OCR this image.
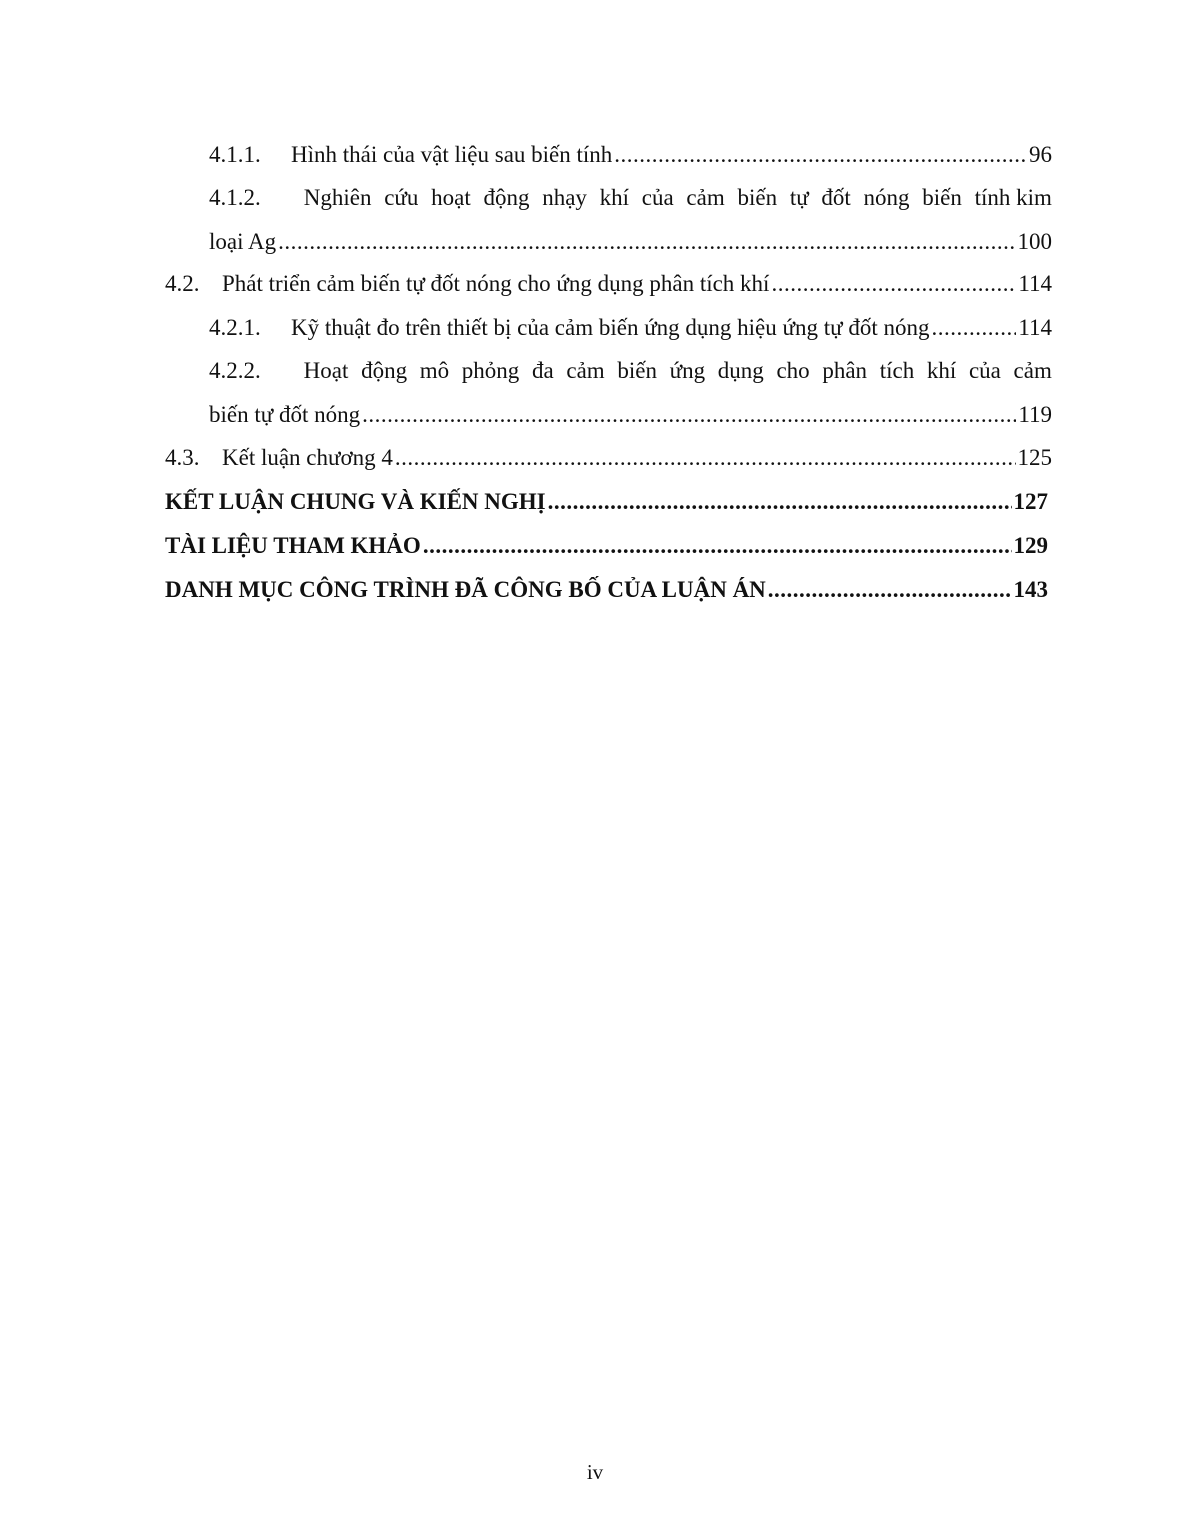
4.1.1.	Hình thái của vật liệu sau biến tính .....	96
4.1.2.	Nghiên cứu hoạt động nhạy khí của cảm biến tự đốt nóng biến tính kim
loại Ag .....	100
4.2. Phát triển cảm biến tự đốt nóng cho ứng dụng phân tích khí .....	114
4.2.1.	Kỹ thuật đo trên thiết bị của cảm biến ứng dụng hiệu ứng tự đốt nóng .....	114
4.2.2.	Hoạt động mô phỏng đa cảm biến ứng dụng cho phân tích khí của cảm
biến tự đốt nóng .....	119
4.3. Kết luận chương 4 .....	125
KẾT LUẬN CHUNG VÀ KIẾN NGHỊ .....	127
TÀI LIỆU THAM KHẢO .....	129
DANH MỤC CÔNG TRÌNH ĐÃ CÔNG BỐ CỦA LUẬN ÁN .....	143
iv
